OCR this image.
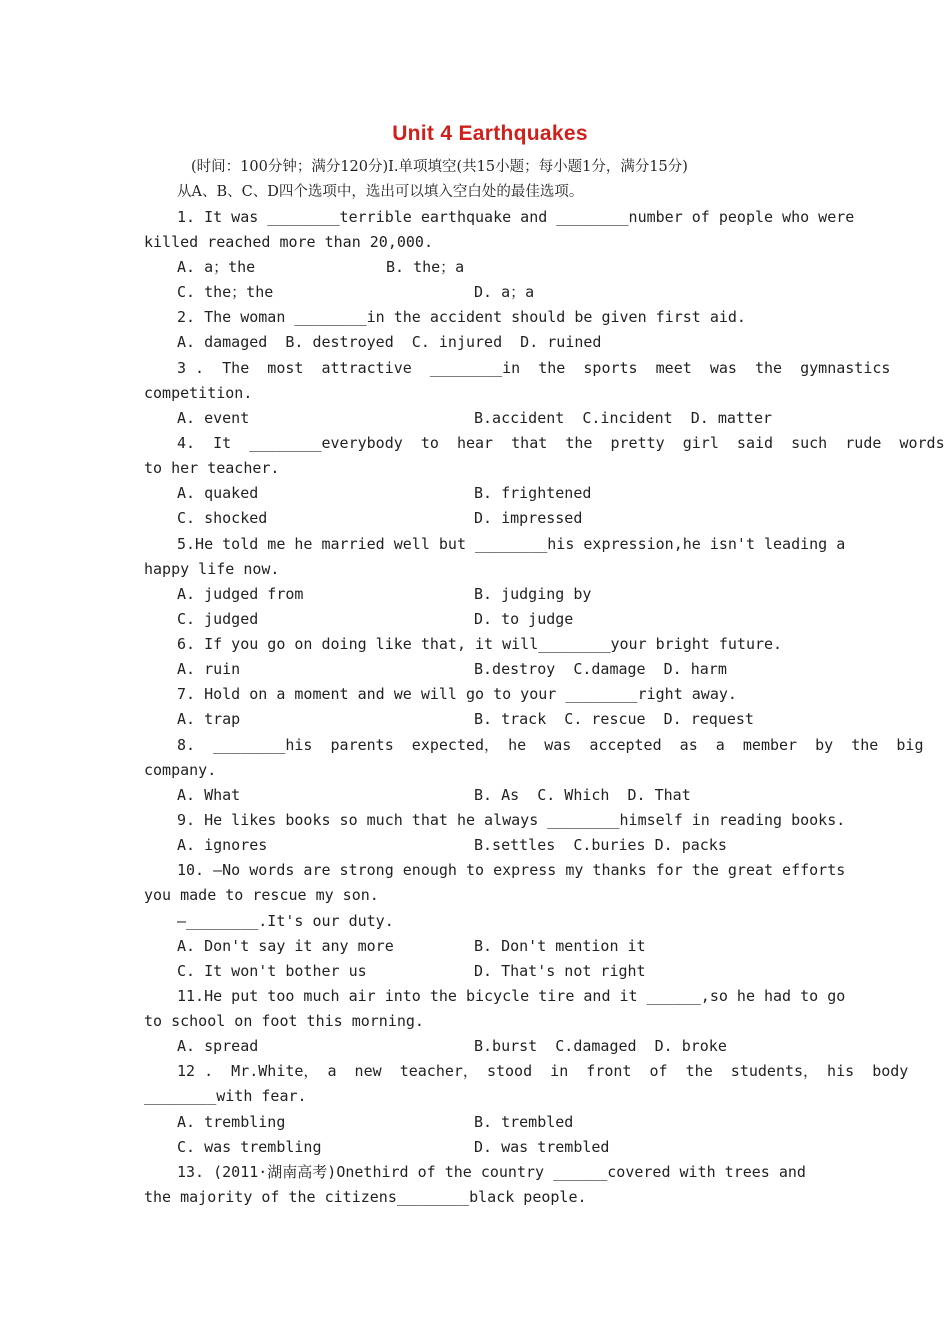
Unit 4 Earthquakes
(时间：100分钟；满分120分)Ⅰ.单项填空(共15小题；每小题1分，满分15分)
从A、B、C、D四个选项中，选出可以填入空白处的最佳选项。
1. It was ________terrible earthquake and ________number of people who were
killed reached more than 20,000.
A. a；the	B. the；a
C. the；the	D. a；a
2. The woman ________in the accident should be given first aid.
A. damaged  B. destroyed  C. injured  D. ruined
3 .  The  most  attractive  ________in  the  sports  meet  was  the  gymnastics
competition.
A. event	B.accident  C.incident  D. matter
4.  It  ________everybody  to  hear  that  the  pretty  girl  said  such  rude  words
to her teacher.
A. quaked	B. frightened
C. shocked	D. impressed
5.He told me he married well but ________his expression,he isn't leading a
happy life now.
A. judged from	B. judging by
C. judged	D. to judge
6. If you go on doing like that, it will________your bright future.
A. ruin	B.destroy  C.damage  D. harm
7. Hold on a moment and we will go to your ________right away.
A. trap	B. track  C. rescue  D. request
8.  ________his  parents  expected， he  was  accepted  as  a  member  by  the  big
company.
A. What	B. As  C. Which  D. That
9. He likes books so much that he always ________himself in reading books.
A. ignores	B.settles  C.buries D. packs
10. —No words are strong enough to express my thanks for the great efforts
you made to rescue my son.
—________.It's our duty.
A. Don't say it any more	B. Don't mention it
C. It won't bother us	D. That's not right
11.He put too much air into the bicycle tire and it ______,so he had to go
to school on foot this morning.
A. spread	B.burst  C.damaged  D. broke
12 .  Mr.White， a  new  teacher， stood  in  front  of  the  students， his  body
________with fear.
A. trembling	B. trembled
C. was trembling	D. was trembled
13. (2011·湖南高考)Onethird of the country ______covered with trees and
the majority of the citizens________black people.
